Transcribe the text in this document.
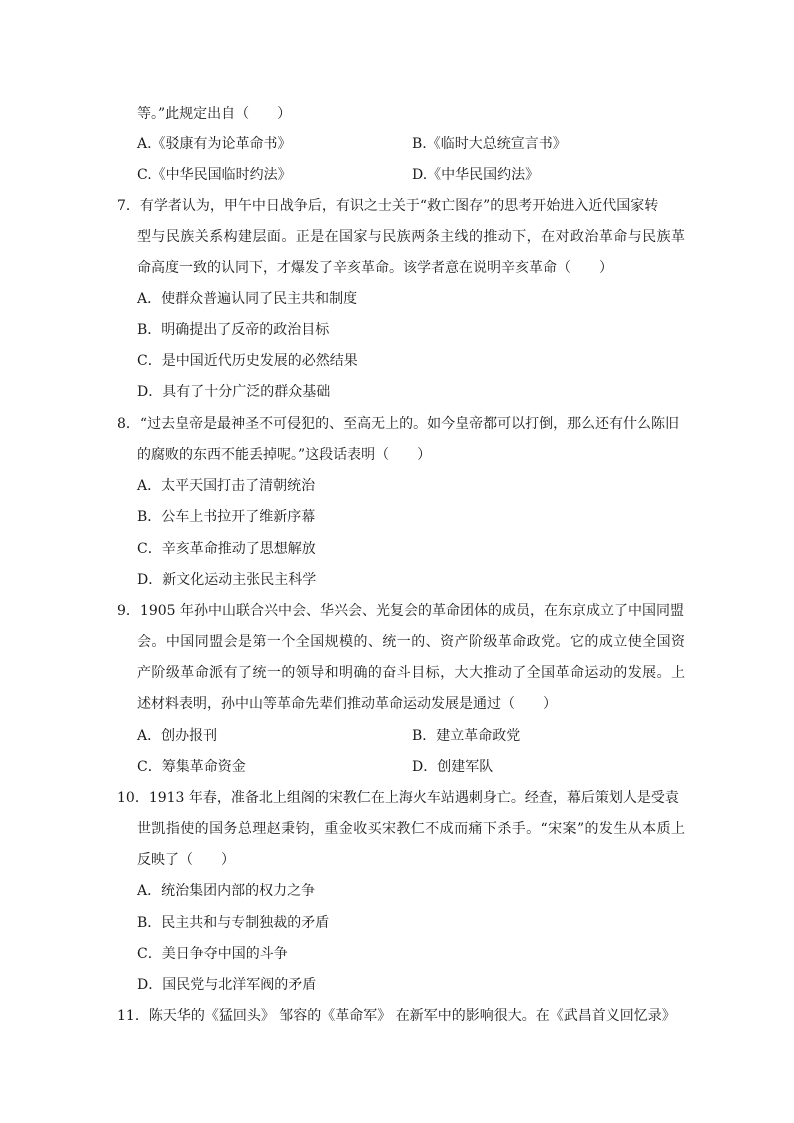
等。”此规定出自（　　）
A.《驳康有为论革命书》	B.《临时大总统宣言书》
C.《中华民国临时约法》	D.《中华民国约法》
7．有学者认为，甲午中日战争后，有识之士关于“救亡图存”的思考开始进入近代国家转
型与民族关系构建层面。正是在国家与民族两条主线的推动下，在对政治革命与民族革
命高度一致的认同下，才爆发了辛亥革命。该学者意在说明辛亥革命（　　）
A．使群众普遍认同了民主共和制度
B．明确提出了反帝的政治目标
C．是中国近代历史发展的必然结果
D．具有了十分广泛的群众基础
8．“过去皇帝是最神圣不可侵犯的、至高无上的。如今皇帝都可以打倒，那么还有什么陈旧
的腐败的东西不能丢掉呢。”这段话表明（　　）
A．太平天国打击了清朝统治
B．公车上书拉开了维新序幕
C．辛亥革命推动了思想解放
D．新文化运动主张民主科学
9．1905 年孙中山联合兴中会、华兴会、光复会的革命团体的成员，在东京成立了中国同盟
会。中国同盟会是第一个全国规模的、统一的、资产阶级革命政党。它的成立使全国资
产阶级革命派有了统一的领导和明确的奋斗目标，大大推动了全国革命运动的发展。上
述材料表明，孙中山等革命先辈们推动革命运动发展是通过（　　）
A．创办报刊	B．建立革命政党
C．筹集革命资金	D．创建军队
10．1913 年春，准备北上组阁的宋教仁在上海火车站遇刺身亡。经查，幕后策划人是受袁
世凯指使的国务总理赵秉钧，重金收买宋教仁不成而痛下杀手。“宋案”的发生从本质上
反映了（　　）
A．统治集团内部的权力之争
B．民主共和与专制独裁的矛盾
C．美日争夺中国的斗争
D．国民党与北洋军阀的矛盾
11．陈天华的《猛回头》 邹容的《革命军》 在新军中的影响很大。在《武昌首义回忆录》
